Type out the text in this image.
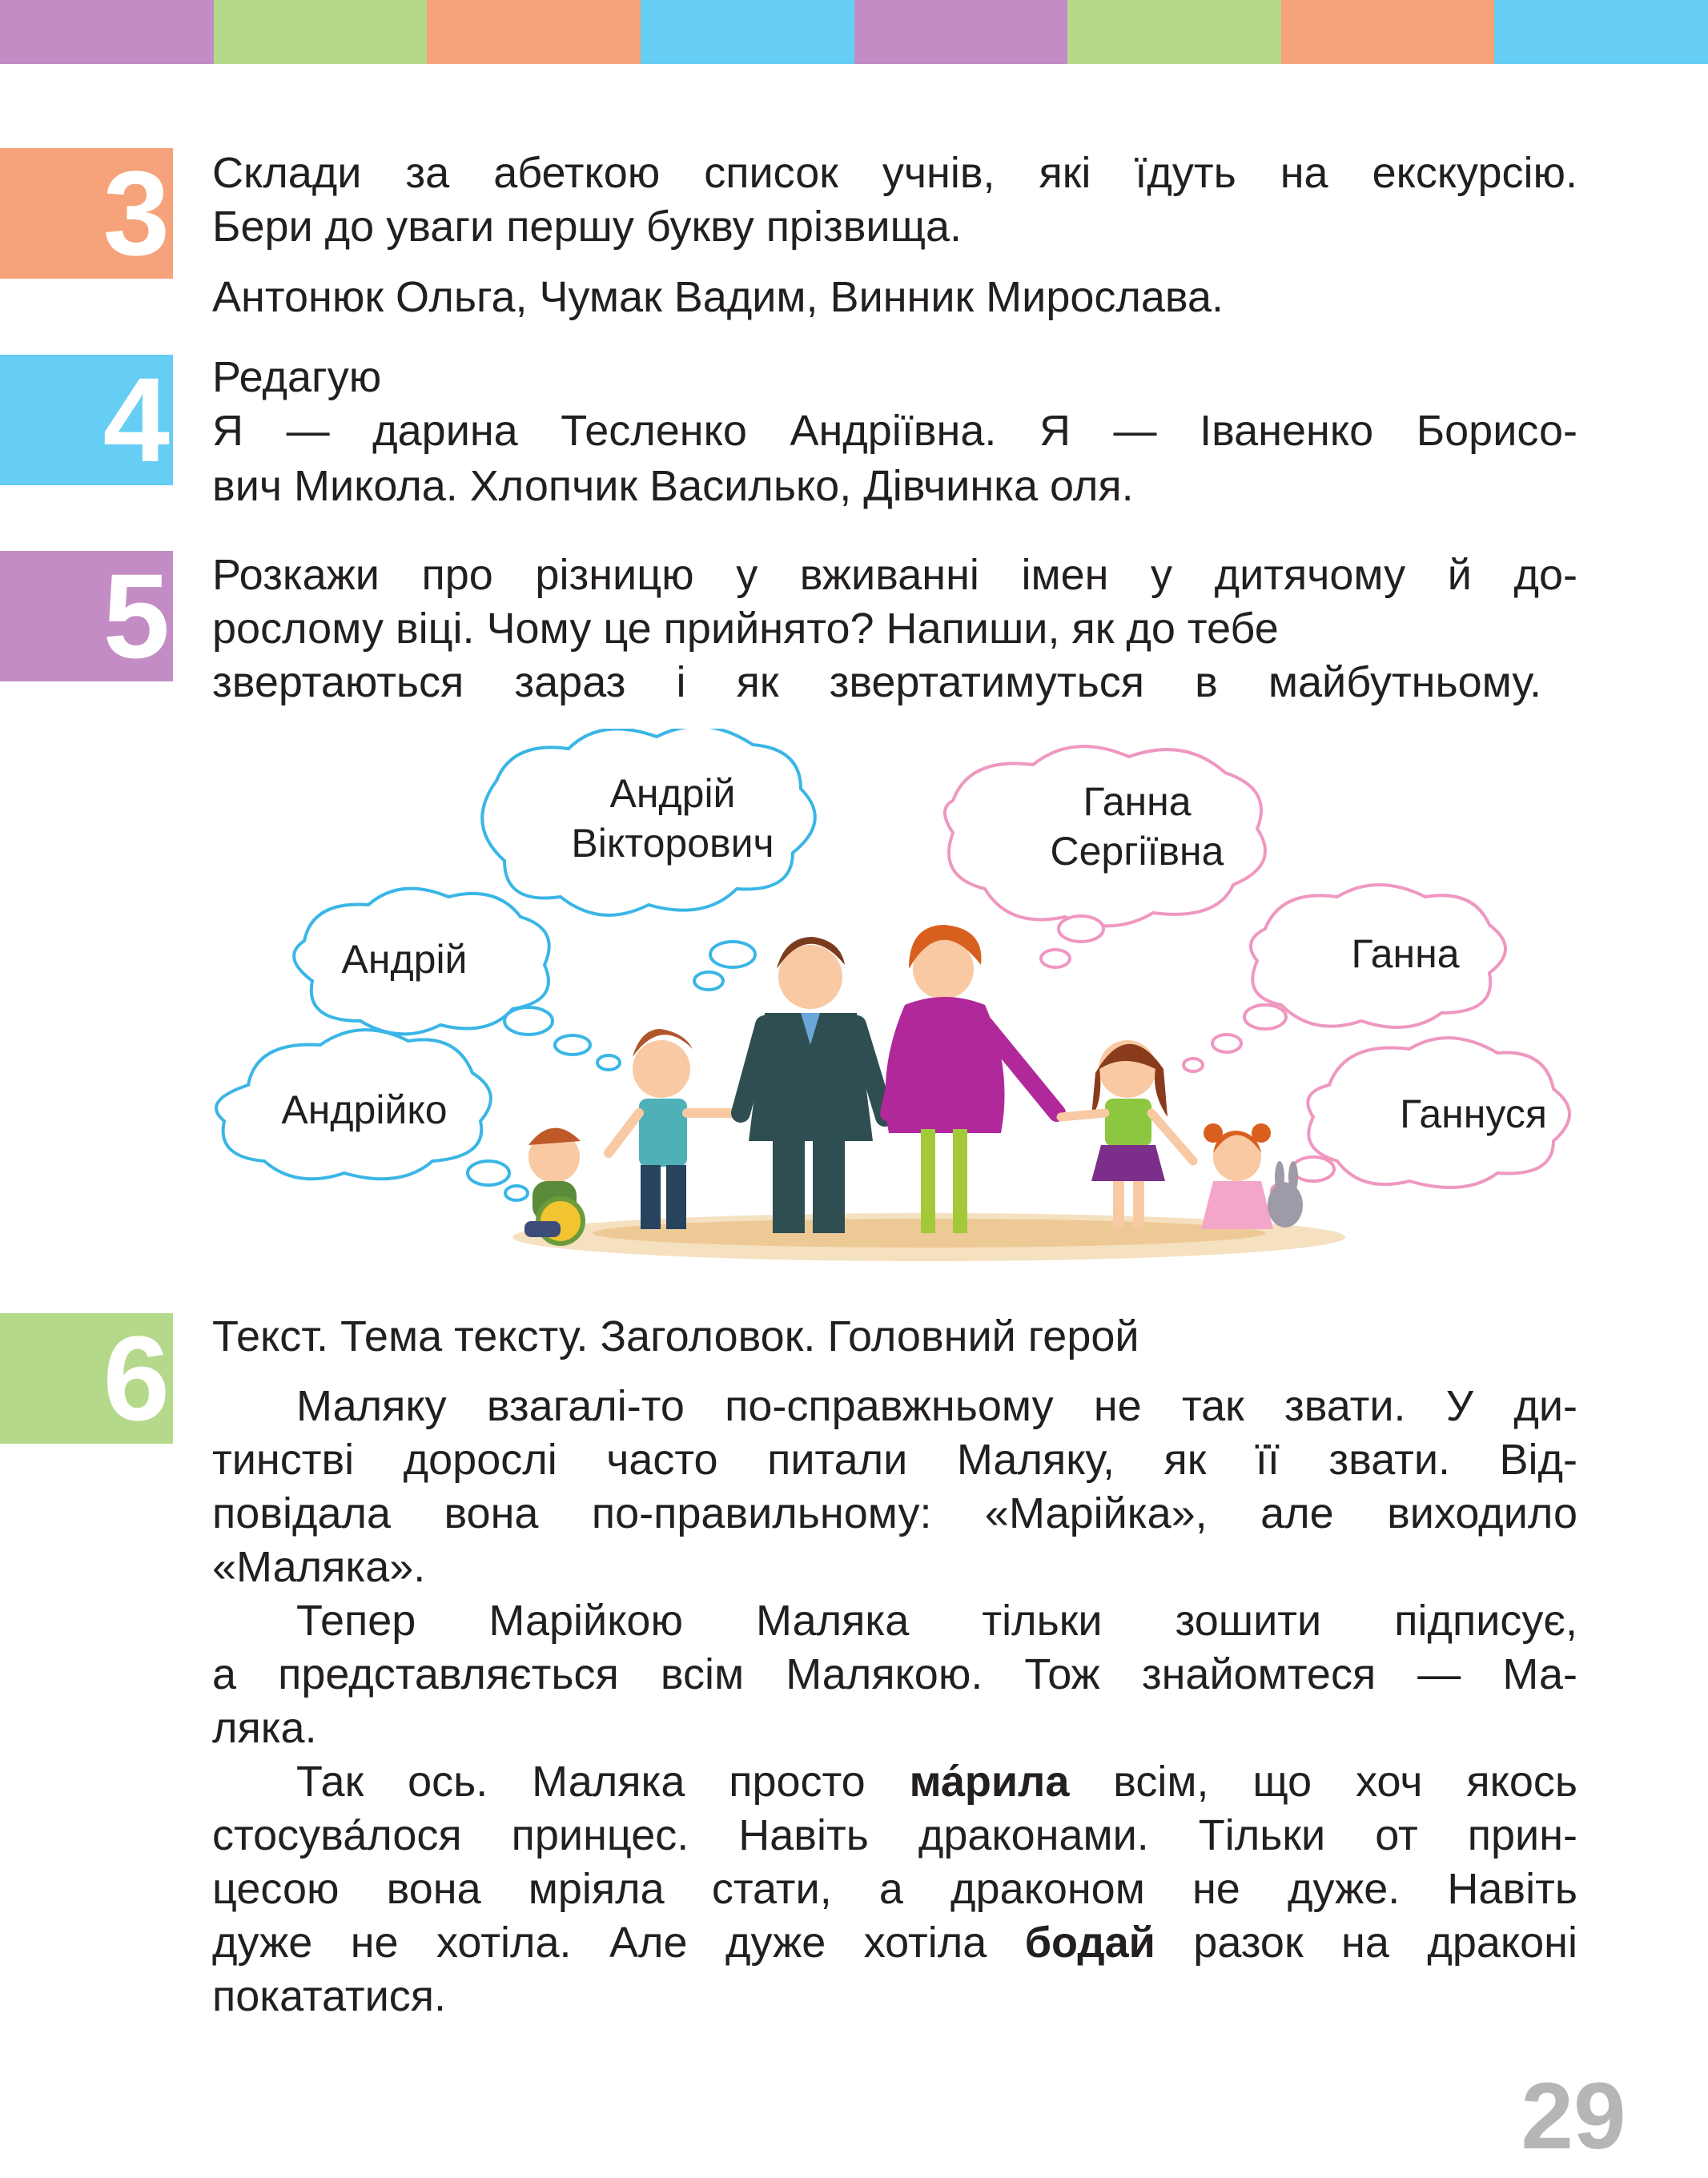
3 Склади за абеткою список учнів, які їдуть на екскурсію.

Бери до уваги першу букву прізвища.

Антонюк Ольга, Чумак Вадим, Винник Мирослава.

4 Редагую

Я — дарина Тесленко Андріївна. Я — Іваненко Борисо-

вич Микола. Хлопчик Василько, Дівчинка оля.

5 Розкажи про різницю у вживанні імен у дитячому й до-

рослому віці. Чому це прийнято? Напиши, як до тебе

звертаються зараз і як звертатимуться в майбутньому.

Андрійко
Андрій
Андрій
Вікторович
Ганна
Сергіївна
Ганна
Ганнуся
6 Текст. Тема тексту. Заголовок. Головний герой

Маляку взагалі-то по-справжньому не так звати. У ди-

тинстві дорослі часто питали Маляку, як її звати. Від-

повідала вона по-правильному: «Марійка», але виходило

«Маляка».

Тепер Марійкою Маляка тільки зошити підписує,

а представляється всім Малякою. Тож знайомтеся — Ма-

ляка.

Так ось. Маляка просто ма́рила всім, що хоч якось

стосува́лося принцес. Навіть драконами. Тільки от прин-

цесою вона мріяла стати, а драконом не дуже. Навіть

дуже не хотіла. Але дуже хотіла бодай разок на драконі

покататися.

29
